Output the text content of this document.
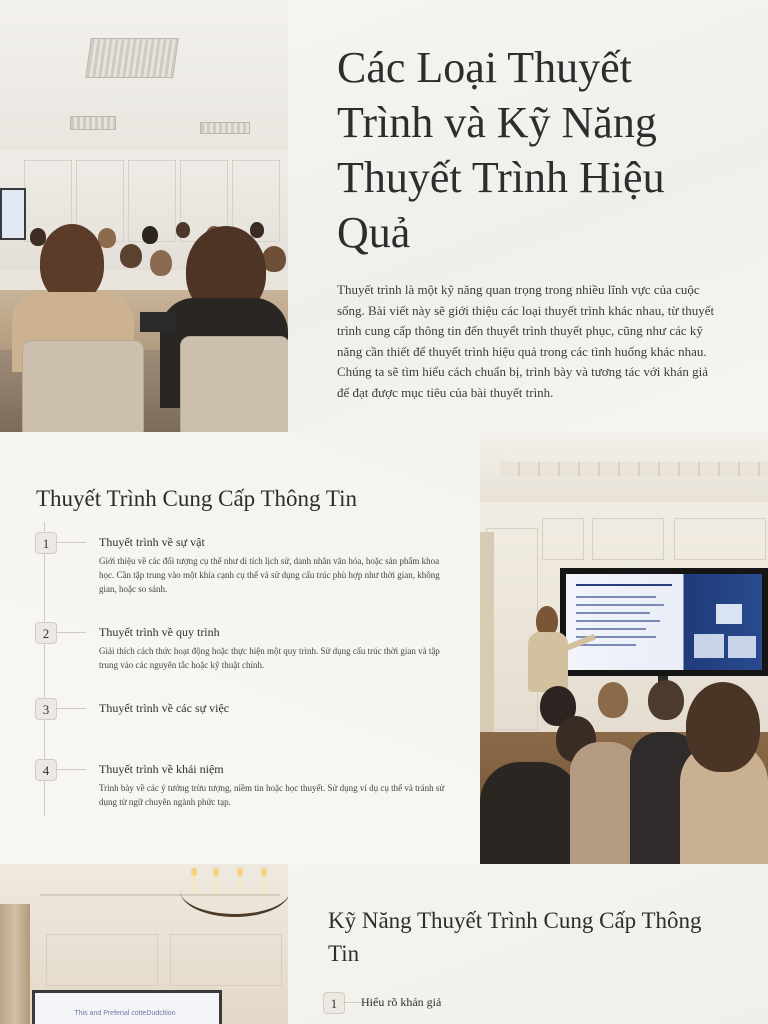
Các Loại Thuyết Trình và Kỹ Năng Thuyết Trình Hiệu Quả

Thuyết trình là một kỹ năng quan trọng trong nhiều lĩnh vực của cuộc sống. Bài viết này sẽ giới thiệu các loại thuyết trình khác nhau, từ thuyết trình cung cấp thông tin đến thuyết trình thuyết phục, cũng như các kỹ năng cần thiết để thuyết trình hiệu quả trong các tình huống khác nhau. Chúng ta sẽ tìm hiểu cách chuẩn bị, trình bày và tương tác với khán giả để đạt được mục tiêu của bài thuyết trình.

Thuyết Trình Cung Cấp Thông Tin
1	Thuyết trình về sự vật
Giới thiệu về các đối tượng cụ thể như di tích lịch sử, danh nhân văn hóa, hoặc sản phẩm khoa học. Cần tập trung vào một khía cạnh cụ thể và sử dụng cấu trúc phù hợp như thời gian, không gian, hoặc so sánh.
2	Thuyết trình về quy trình
Giải thích cách thức hoạt động hoặc thực hiện một quy trình. Sử dụng cấu trúc thời gian và tập trung vào các nguyên tắc hoặc kỹ thuật chính.
3	Thuyết trình về các sự việc
4	Thuyết trình về khái niệm
Trình bày về các ý tưởng trừu tượng, niềm tin hoặc học thuyết. Sử dụng ví dụ cụ thể và tránh sử dụng từ ngữ chuyên ngành phức tạp.
This and Preferial cotteDudcltion
Kỹ Năng Thuyết Trình Cung Cấp Thông Tin
1	Hiểu rõ khán giả
